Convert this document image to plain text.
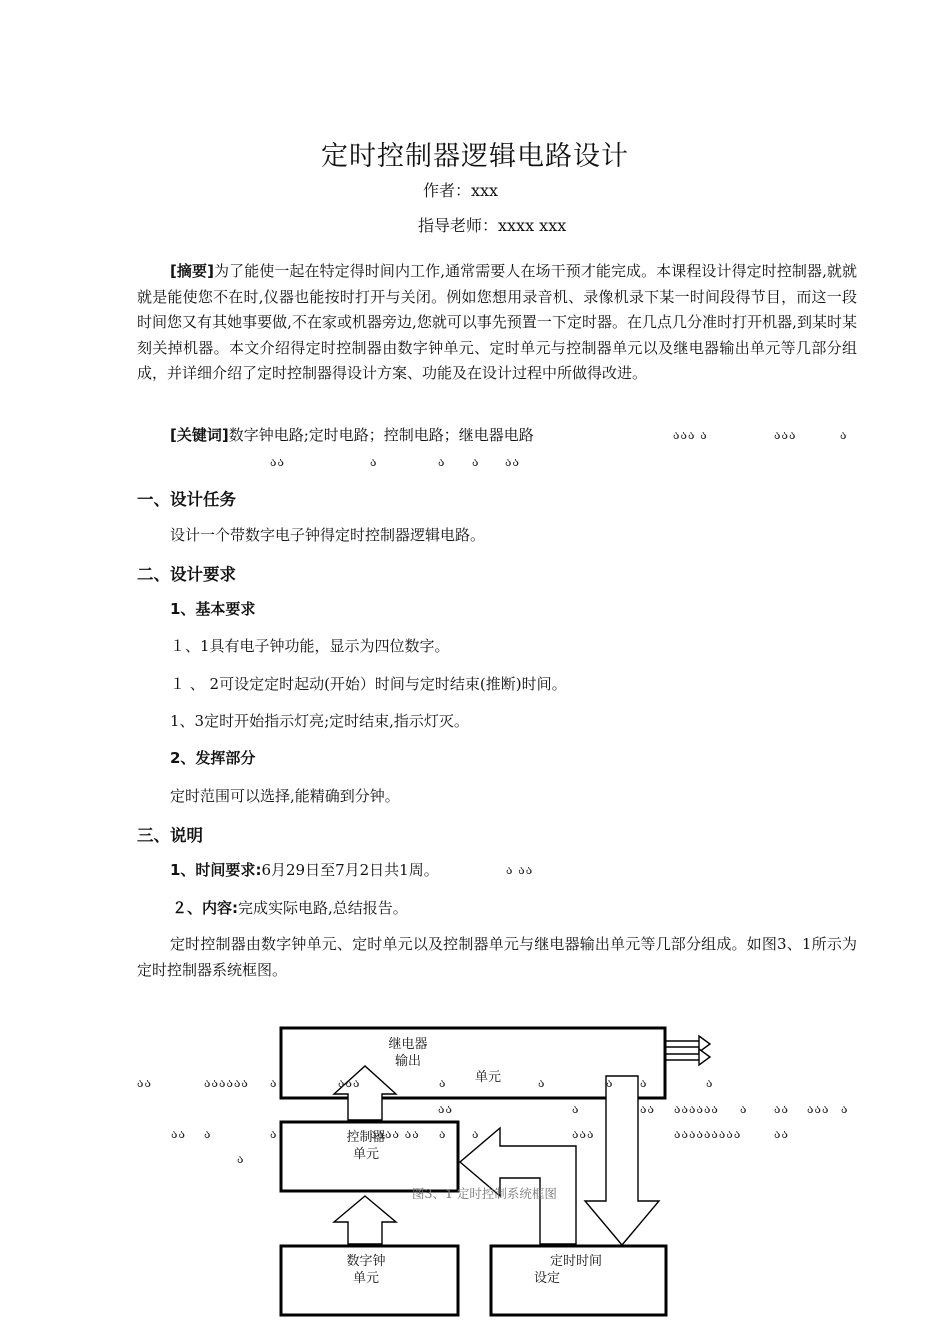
定时控制器逻辑电路设计
作者：xxx
指导老师：xxxx xxx
[摘要]为了能使一起在特定得时间内工作,通常需要人在场干预才能完成。本课程设计得定时控制器,就就就是能使您不在时,仪器也能按时打开与关闭。例如您想用录音机、录像机录下某一时间段得节目，而这一段时间您又有其她事要做,不在家或机器旁边,您就可以事先预置一下定时器。在几点几分准时打开机器,到某时某刻关掉机器。本文介绍得定时控制器由数字钟单元、定时单元与控制器单元以及继电器输出单元等几部分组成，并详细介绍了定时控制器得设计方案、功能及在设计过程中所做得改进。
[关键词]数字钟电路;定时电路；控制电路；继电器电路	ააა ა	ააა	ა
აა	ა	ა ა აა
一、设计任务
设计一个带数字电子钟得定时控制器逻辑电路。
二、设计要求
1、基本要求
１、1具有电子钟功能，显示为四位数字。
１ 、 2可设定定时起动(开始）时间与定时结束(推断)时间。
1、3定时开始指示灯亮;定时结束,指示灯灭。
2、发挥部分
定时范围可以选择,能精确到分钟。
三、说明
1、时间要求:6月29日至7月2日共1周。	ა აა
２、内容:完成实际电路,总结报告。
定时控制器由数字钟单元、定时单元以及控制器单元与继电器输出单元等几部分组成。如图3、1所示为定时控制器系统框图。
继电器
输出
单元
控制器
单元
数字钟
单元
定时时间
设定
图3、1 定时控制系统框图
აა	აააააა ა	ააა	ა	ა	ა ა	ა
აა	ა	აა აააააა ა აა ააა ა
აა ა	ა	აააა აა ა ა	ააა	ააააააააა	აა
ა
